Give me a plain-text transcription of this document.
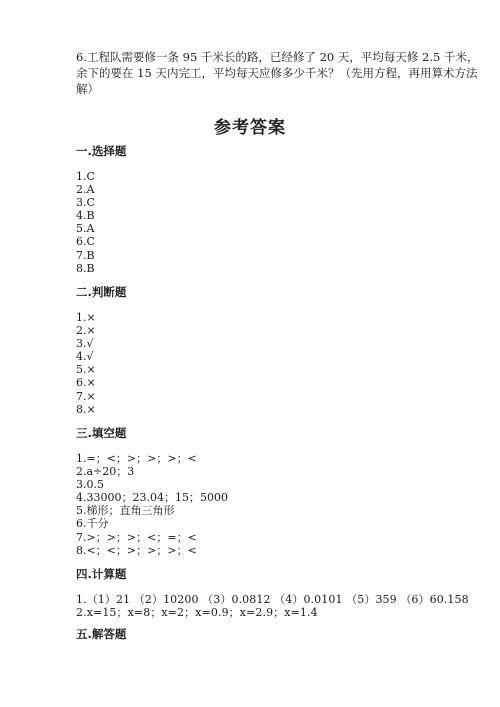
6.工程队需要修一条 95 千米长的路，已经修了 20 天，平均每天修 2.5 千米，
余下的要在 15 天内完工，平均每天应修多少千米？（先用方程，再用算术方法
解）
参考答案
一.选择题
1.C
2.A
3.C
4.B
5.A
6.C
7.B
8.B
二.判断题
1.×
2.×
3.√
4.√
5.×
6.×
7.×
8.×
三.填空题
1.=；<；>；>；>；<
2.a÷20；3
3.0.5
4.33000；23.04；15；5000
5.梯形；直角三角形
6.千分
7.>；>；>；<；=；<
8.<；<；>；>；>；<
四.计算题
1.（1）21 （2）10200 （3）0.0812 （4）0.0101 （5）359 （6）60.158
2.x=15；x=8；x=2；x=0.9；x=2.9；x=1.4
五.解答题
